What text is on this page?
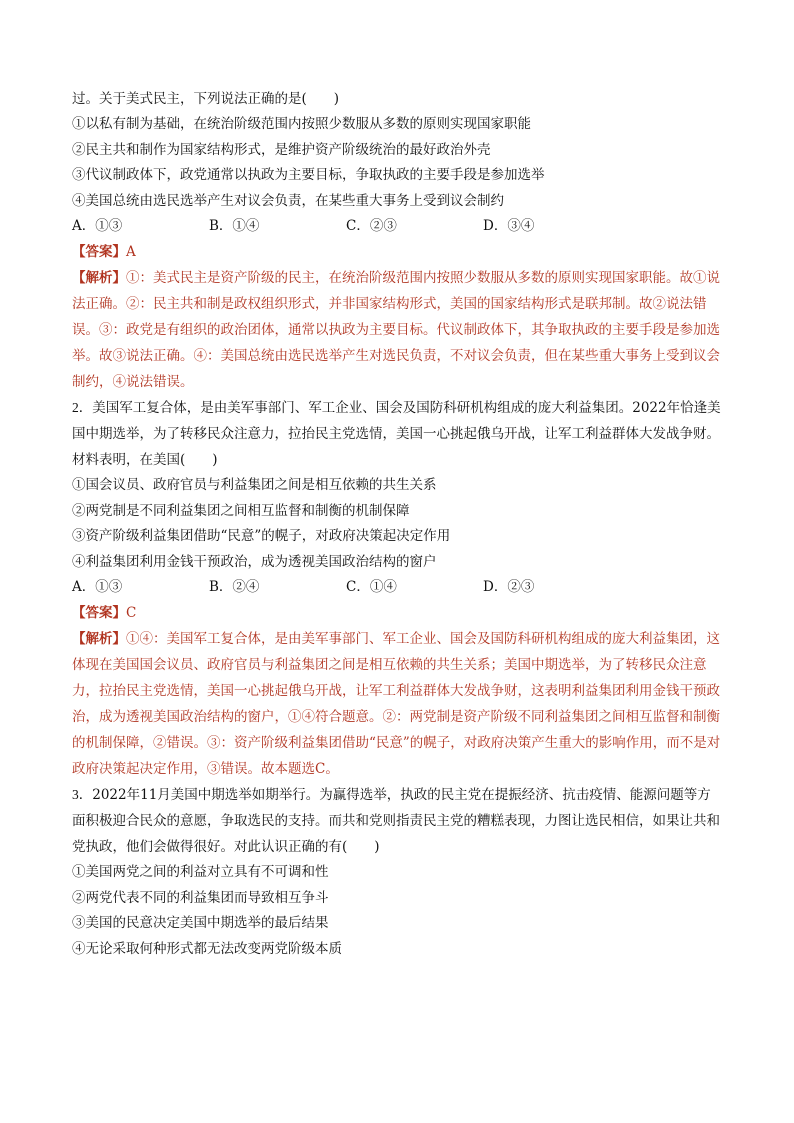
过。关于美式民主，下列说法正确的是(　　)
①以私有制为基础，在统治阶级范围内按照少数服从多数的原则实现国家职能
②民主共和制作为国家结构形式，是维护资产阶级统治的最好政治外壳
③代议制政体下，政党通常以执政为主要目标，争取执政的主要手段是参加选举
④美国总统由选民选举产生对议会负责，在某些重大事务上受到议会制约
A．①③	B．①④	C．②③	D．③④
【答案】A
【解析】①：美式民主是资产阶级的民主，在统治阶级范围内按照少数服从多数的原则实现国家职能。故①说法正确。②：民主共和制是政权组织形式，并非国家结构形式，美国的国家结构形式是联邦制。故②说法错误。③：政党是有组织的政治团体，通常以执政为主要目标。代议制政体下，其争取执政的主要手段是参加选举。故③说法正确。④：美国总统由选民选举产生对选民负责，不对议会负责，但在某些重大事务上受到议会制约，④说法错误。
2．美国军工复合体，是由美军事部门、军工企业、国会及国防科研机构组成的庞大利益集团。2022年恰逢美国中期选举，为了转移民众注意力，拉抬民主党选情，美国一心挑起俄乌开战，让军工利益群体大发战争财。材料表明，在美国(　　)
①国会议员、政府官员与利益集团之间是相互依赖的共生关系
②两党制是不同利益集团之间相互监督和制衡的机制保障
③资产阶级利益集团借助“民意”的幌子，对政府决策起决定作用
④利益集团利用金钱干预政治，成为透视美国政治结构的窗户
A．①③	B．②④	C．①④	D．②③
【答案】C
【解析】①④：美国军工复合体，是由美军事部门、军工企业、国会及国防科研机构组成的庞大利益集团，这体现在美国国会议员、政府官员与利益集团之间是相互依赖的共生关系；美国中期选举，为了转移民众注意力，拉抬民主党选情，美国一心挑起俄乌开战，让军工利益群体大发战争财，这表明利益集团利用金钱干预政治，成为透视美国政治结构的窗户，①④符合题意。②：两党制是资产阶级不同利益集团之间相互监督和制衡的机制保障，②错误。③：资产阶级利益集团借助“民意”的幌子，对政府决策产生重大的影响作用，而不是对政府决策起决定作用，③错误。故本题选C。
3．2022年11月美国中期选举如期举行。为赢得选举，执政的民主党在提振经济、抗击疫情、能源问题等方面积极迎合民众的意愿，争取选民的支持。而共和党则指责民主党的糟糕表现，力图让选民相信，如果让共和党执政，他们会做得很好。对此认识正确的有(　　)
①美国两党之间的利益对立具有不可调和性
②两党代表不同的利益集团而导致相互争斗
③美国的民意决定美国中期选举的最后结果
④无论采取何种形式都无法改变两党阶级本质
